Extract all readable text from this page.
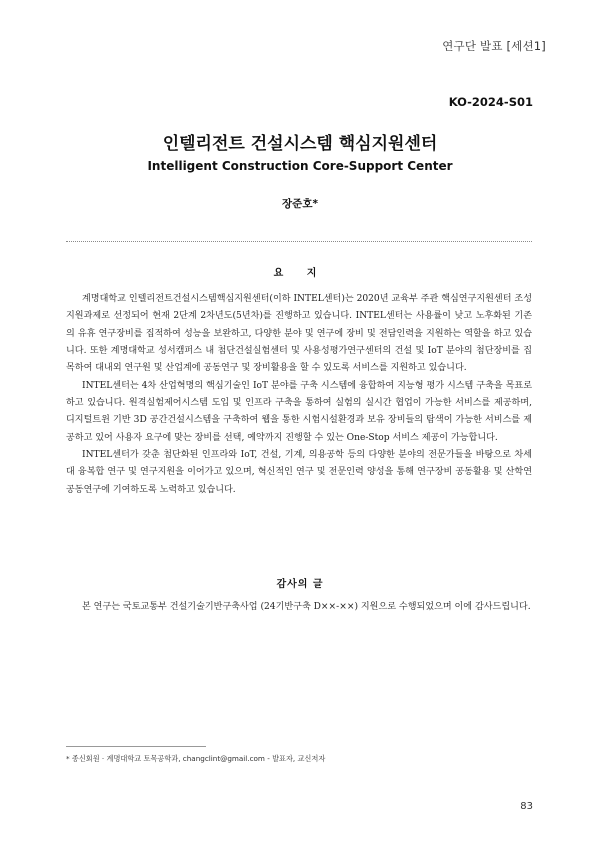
연구단 발표 [세션1]
KO-2024-S01
인텔리전트 건설시스템 핵심지원센터
Intelligent Construction Core-Support Center
장준호*
요 지

계명대학교 인텔리전트건설시스템핵심지원센터(이하 INTEL센터)는 2020년 교육부 주관 핵심연구지원센터 조성지원과제로 선정되어 현재 2단계 2차년도(5년차)를 진행하고 있습니다. INTEL센터는 사용률이 낮고 노후화된 기존의 유휴 연구장비를 집적하여 성능을 보완하고, 다양한 분야 및 연구에 장비 및 전담인력을 지원하는 역할을 하고 있습니다. 또한 계명대학교 성서캠퍼스 내 첨단건설실험센터 및 사용성평가연구센터의 건설 및 IoT 분야의 첨단장비를 집목하여 대내외 연구원 및 산업계에 공동연구 및 장비활용을 할 수 있도록 서비스를 지원하고 있습니다.

INTEL센터는 4차 산업혁명의 핵심기술인 IoT 분야를 구축 시스템에 융합하여 지능형 평가 시스템 구축을 목표로 하고 있습니다. 원격실험제어시스템 도입 및 인프라 구축을 통하여 실험의 실시간 협업이 가능한 서비스를 제공하며, 디지털트윈 기반 3D 공간건설시스템을 구축하여 웹을 통한 시험시설환경과 보유 장비들의 탐색이 가능한 서비스를 제공하고 있어 사용자 요구에 맞는 장비를 선택, 예약까지 진행할 수 있는 One-Stop 서비스 제공이 가능합니다.

INTEL센터가 갖춘 첨단화된 인프라와 IoT, 건설, 기계, 의용공학 등의 다양한 분야의 전문가들을 바탕으로 차세대 융복합 연구 및 연구지원을 이어가고 있으며, 혁신적인 연구 및 전문인력 양성을 통해 연구장비 공동활용 및 산학연 공동연구에 기여하도록 노력하고 있습니다.

감사의 글

본 연구는 국토교통부 건설기술기반구축사업 (24기반구축 D××-××) 지원으로 수행되었으며 이에 감사드립니다.

* 종신회원 · 계명대학교 토목공학과, changclint@gmail.com - 발표자, 교신저자
83
